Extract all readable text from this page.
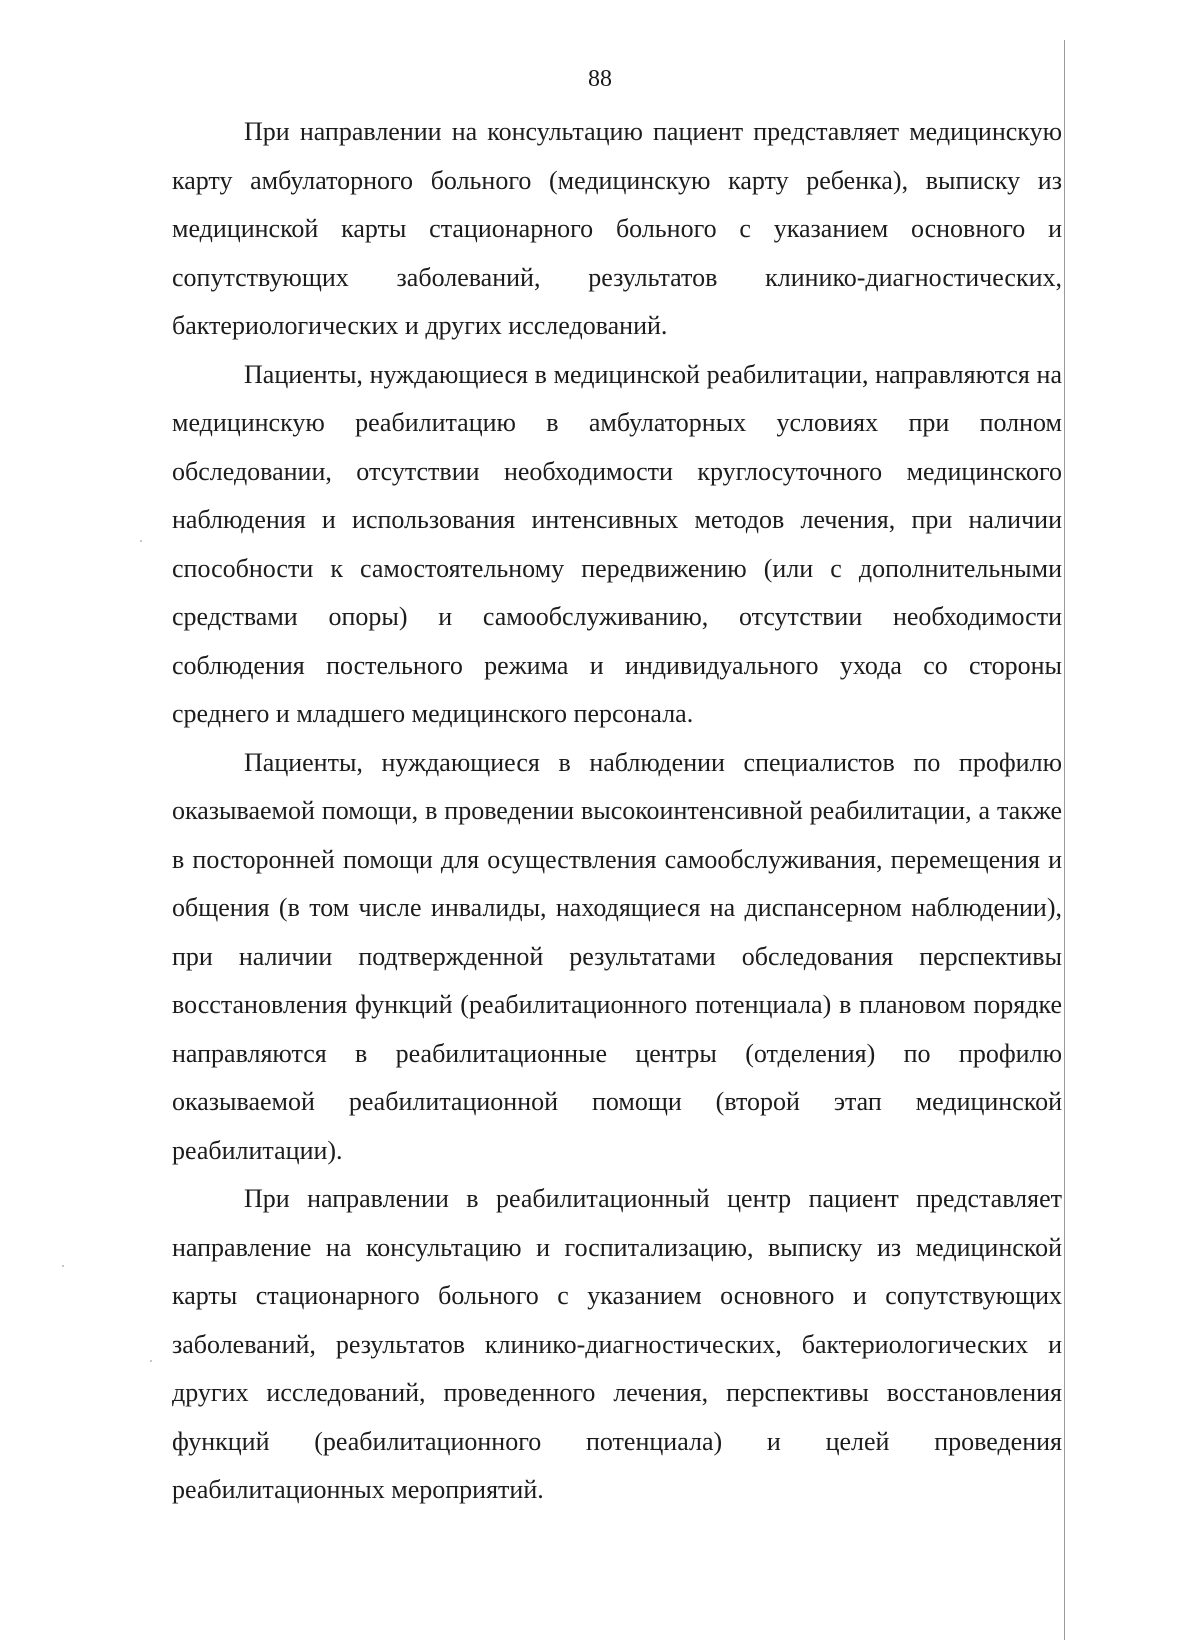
88

При направлении на консультацию пациент представляет медицинскую карту амбулаторного больного (медицинскую карту ребенка), выписку из медицинской карты стационарного больного с указанием основного и сопутствующих заболеваний, результатов клинико-диагностических, бактериологических и других исследований.

Пациенты, нуждающиеся в медицинской реабилитации, направляются на медицинскую реабилитацию в амбулаторных условиях при полном обследовании, отсутствии необходимости круглосуточного медицинского наблюдения и использования интенсивных методов лечения, при наличии способности к самостоятельному передвижению (или с дополнительными средствами опоры) и самообслуживанию, отсутствии необходимости соблюдения постельного режима и индивидуального ухода со стороны среднего и младшего медицинского персонала.

Пациенты, нуждающиеся в наблюдении специалистов по профилю оказываемой помощи, в проведении высокоинтенсивной реабилитации, а также в посторонней помощи для осуществления самообслуживания, перемещения и общения (в том числе инвалиды, находящиеся на диспансерном наблюдении), при наличии подтвержденной результатами обследования перспективы восстановления функций (реабилитационного потенциала) в плановом порядке направляются в реабилитационные центры (отделения) по профилю оказываемой реабилитационной помощи (второй этап медицинской реабилитации).

При направлении в реабилитационный центр пациент представляет направление на консультацию и госпитализацию, выписку из медицинской карты стационарного больного с указанием основного и сопутствующих заболеваний, результатов клинико-диагностических, бактериологических и других исследований, проведенного лечения, перспективы восстановления функций (реабилитационного потенциала) и целей проведения реабилитационных мероприятий.
